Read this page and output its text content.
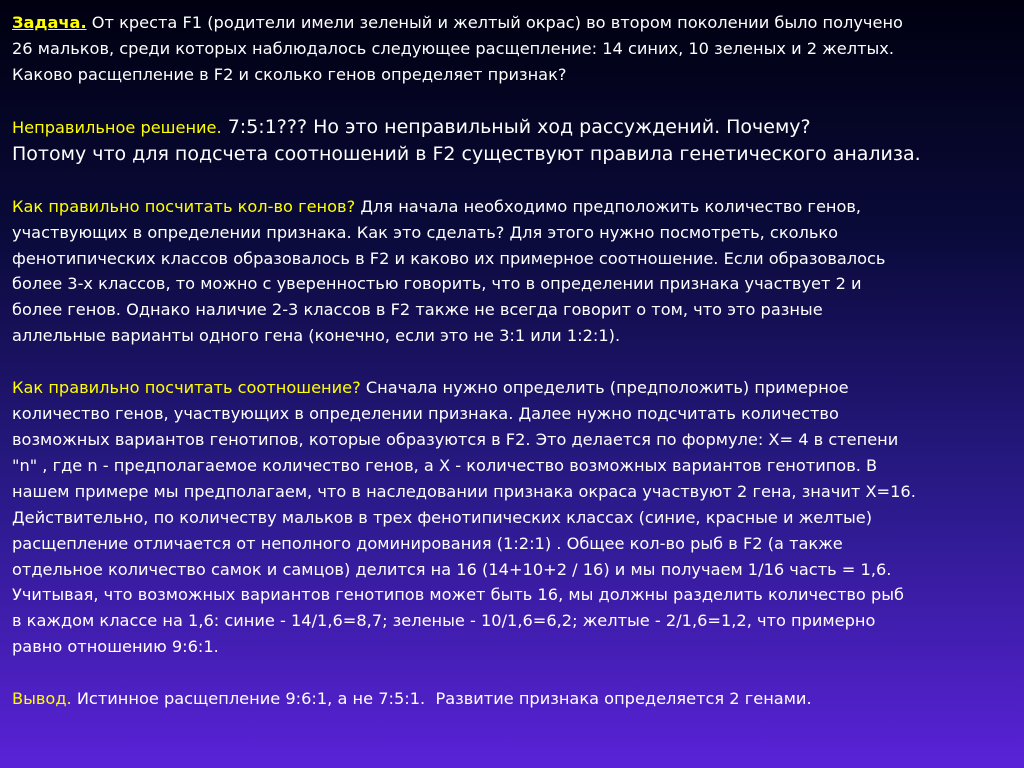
Задача. От креста F1 (родители имели зеленый и желтый окрас) во втором поколении было получено
26 мальков, среди которых наблюдалось следующее расщепление: 14 синих, 10 зеленых и 2 желтых.
Каково расщепление в F2 и сколько генов определяет признак?
Неправильное решение. 7:5:1??? Но это неправильный ход рассуждений. Почему?
Потому что для подсчета соотношений в F2 существуют правила генетического анализа.
Как правильно посчитать кол-во генов? Для начала необходимо предположить количество генов,
участвующих в определении признака. Как это сделать? Для этого нужно посмотреть, сколько
фенотипических классов образовалось в F2 и каково их примерное соотношение. Если образовалось
более 3-х классов, то можно с уверенностью говорить, что в определении признака участвует 2 и
более генов. Однако наличие 2-3 классов в F2 также не всегда говорит о том, что это разные
аллельные варианты одного гена (конечно, если это не 3:1 или 1:2:1).
Как правильно посчитать соотношение? Сначала нужно определить (предположить) примерное
количество генов, участвующих в определении признака. Далее нужно подсчитать количество
возможных вариантов генотипов, которые образуются в F2. Это делается по формуле: Х= 4 в степени
"n" , где n - предполагаемое количество генов, а Х - количество возможных вариантов генотипов. В
нашем примере мы предполагаем, что в наследовании признака окраса участвуют 2 гена, значит Х=16.
Действительно, по количеству мальков в трех фенотипических классах (синие, красные и желтые)
расщепление отличается от неполного доминирования (1:2:1) . Общее кол-во рыб в F2 (а также
отдельное количество самок и самцов) делится на 16 (14+10+2 / 16) и мы получаем 1/16 часть = 1,6.
Учитывая, что возможных вариантов генотипов может быть 16, мы должны разделить количество рыб
в каждом классе на 1,6: синие - 14/1,6=8,7; зеленые - 10/1,6=6,2; желтые - 2/1,6=1,2, что примерно
равно отношению 9:6:1.
Вывод. Истинное расщепление 9:6:1, а не 7:5:1.  Развитие признака определяется 2 генами.
